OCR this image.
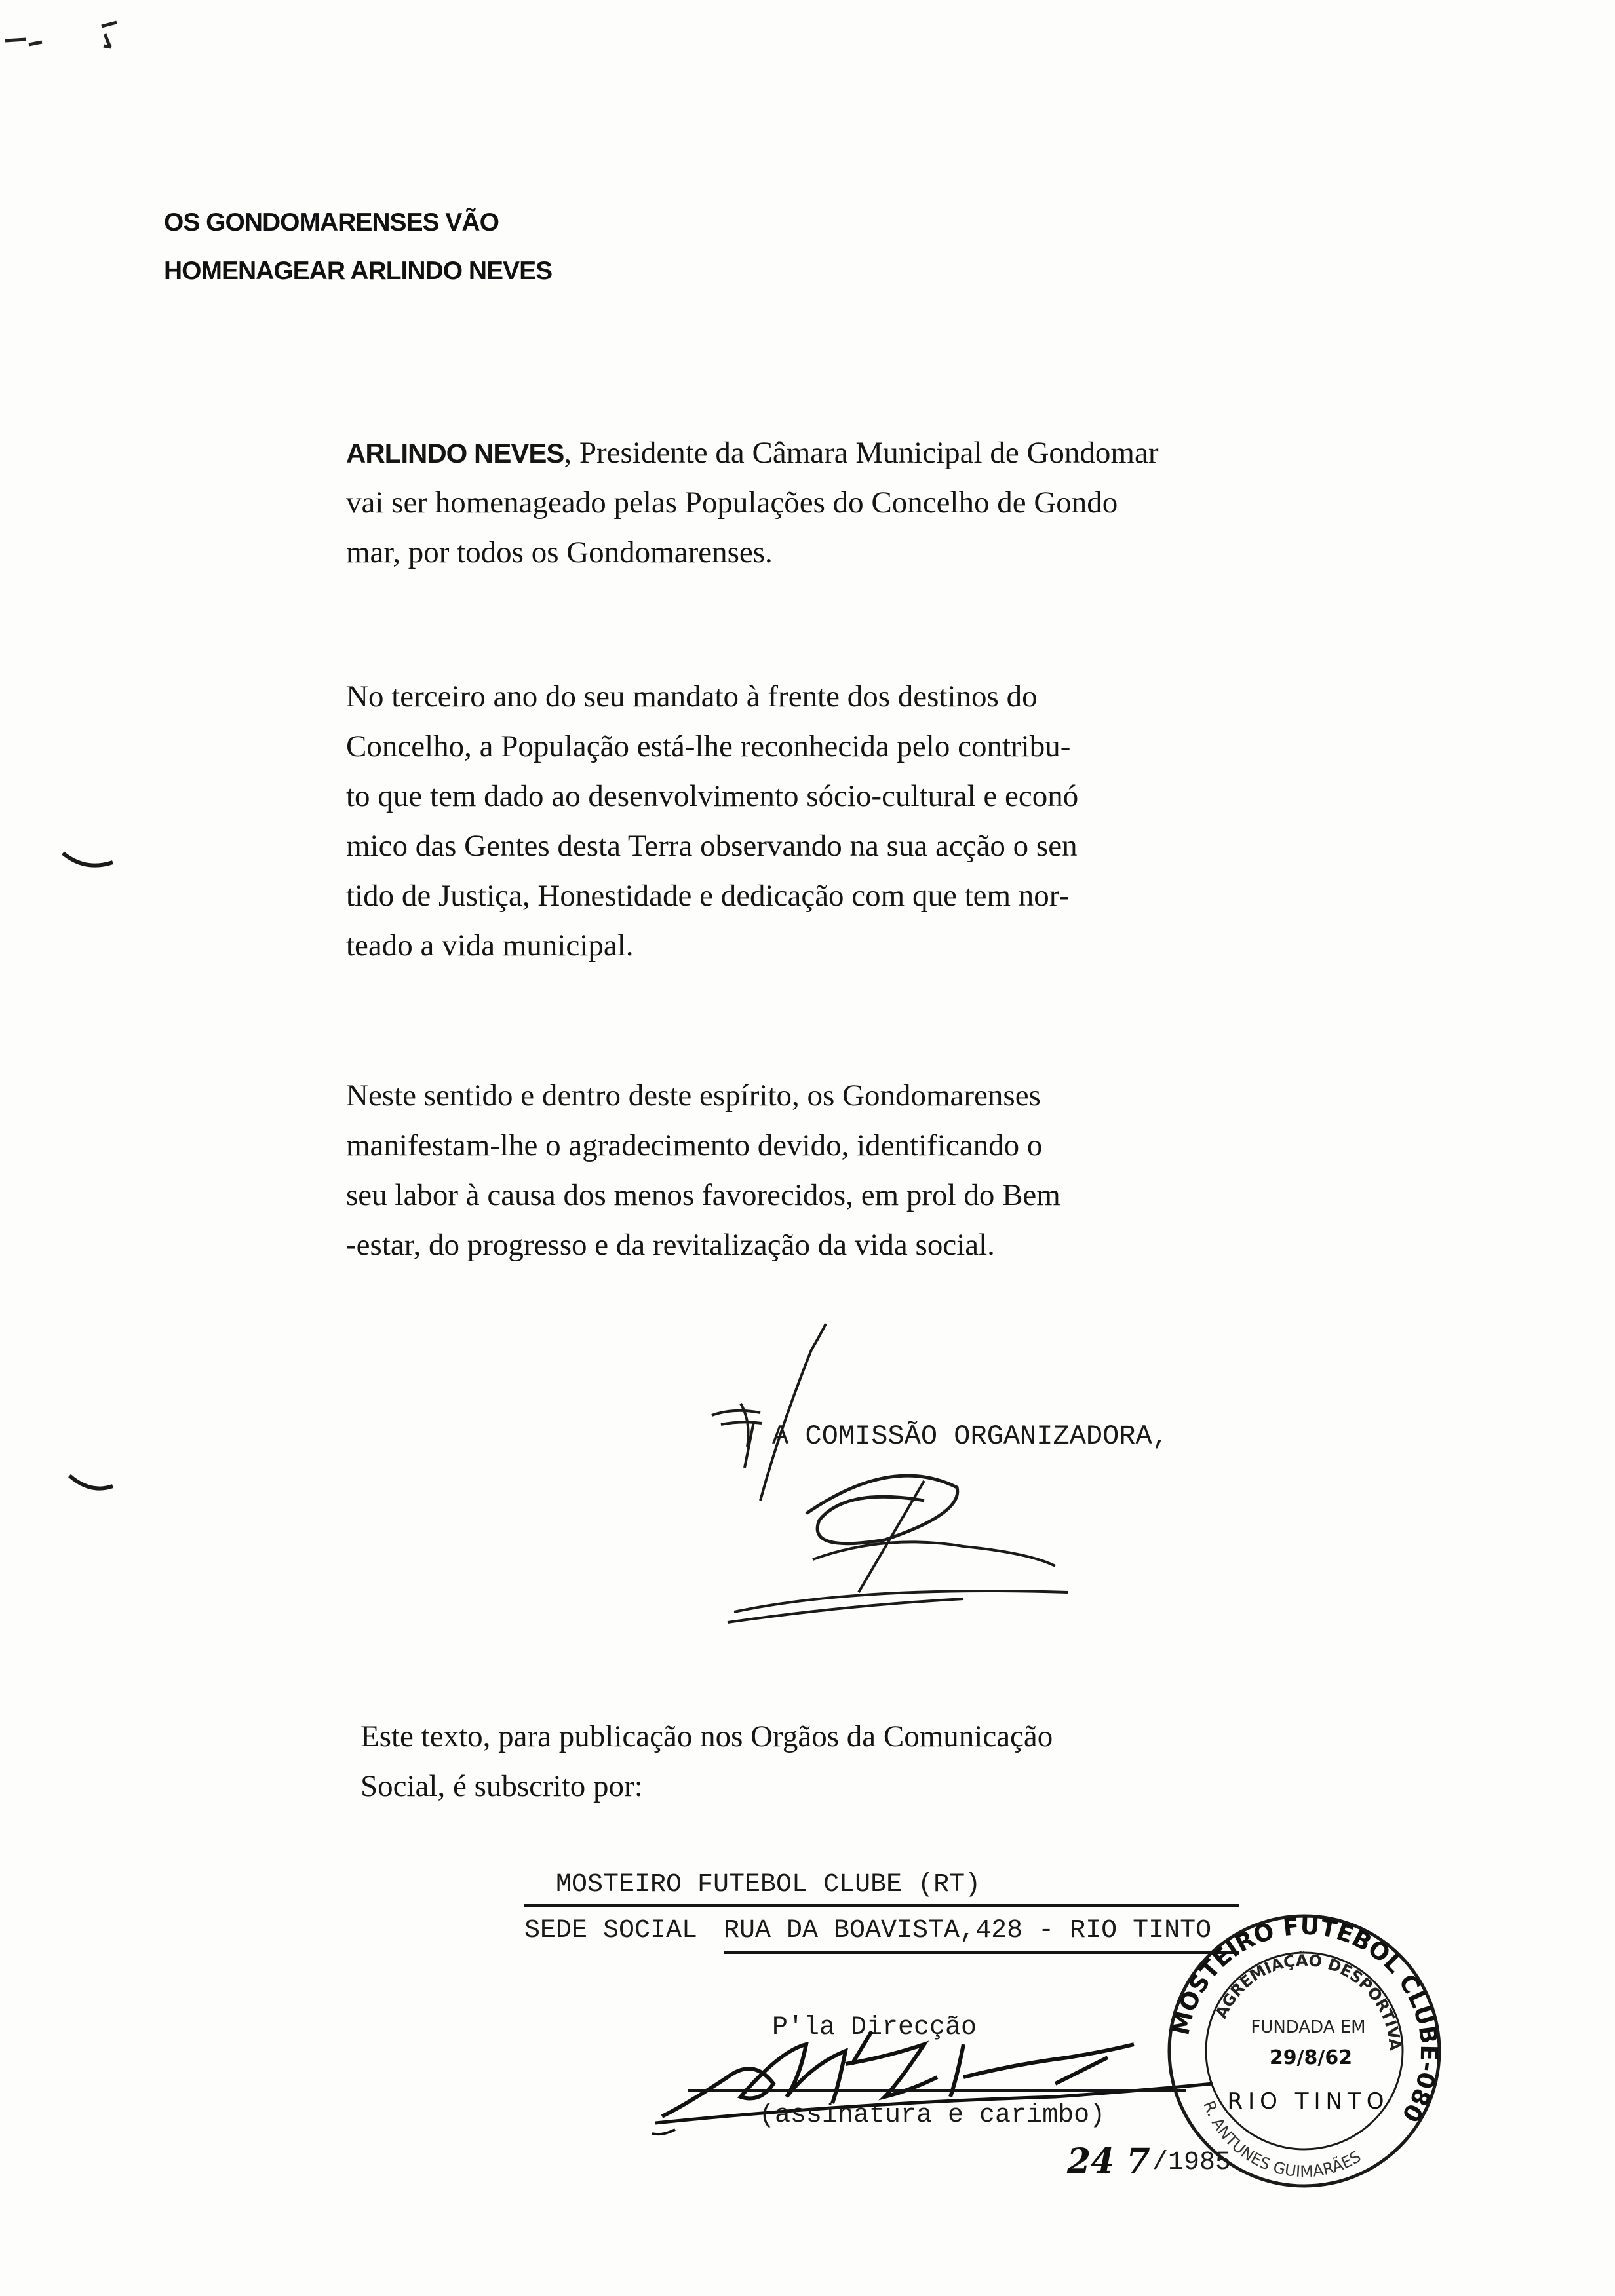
OS GONDOMARENSES VÃO
HOMENAGEAR ARLINDO NEVES
ARLINDO NEVES, Presidente da Câmara Municipal de Gondomar
vai ser homenageado pelas Populações do Concelho de Gondo
mar, por todos os Gondomarenses.
No terceiro ano do seu mandato à frente dos destinos do
Concelho, a População está-lhe reconhecida pelo contribu-
to que tem dado ao desenvolvimento sócio-cultural e econó
mico das Gentes desta Terra observando na sua acção o sen
tido de Justiça, Honestidade e dedicação com que tem nor-
teado a vida municipal.
Neste sentido e dentro deste espírito, os Gondomarenses
manifestam-lhe o agradecimento devido, identificando o
seu labor à causa dos menos favorecidos, em prol do Bem
-estar, do progresso e da revitalização da vida social.
A COMISSÃO ORGANIZADORA,
Este texto, para publicação nos Orgãos da Comunicação
Social, é subscrito por:
MOSTEIRO FUTEBOL CLUBE (RT)
SEDE SOCIAL RUA DA BOAVISTA,428 - RIO TINTO
P'la Direcção
(assinatura e carimbo)
MOSTEIRO FUTEBOL CLUBE-080
AGREMIAÇÃO DESPORTIVA
R. ANTUNES GUIMARÃES
FUNDADA EM
29/8/62
RIO TINTO
24 7 /1985
